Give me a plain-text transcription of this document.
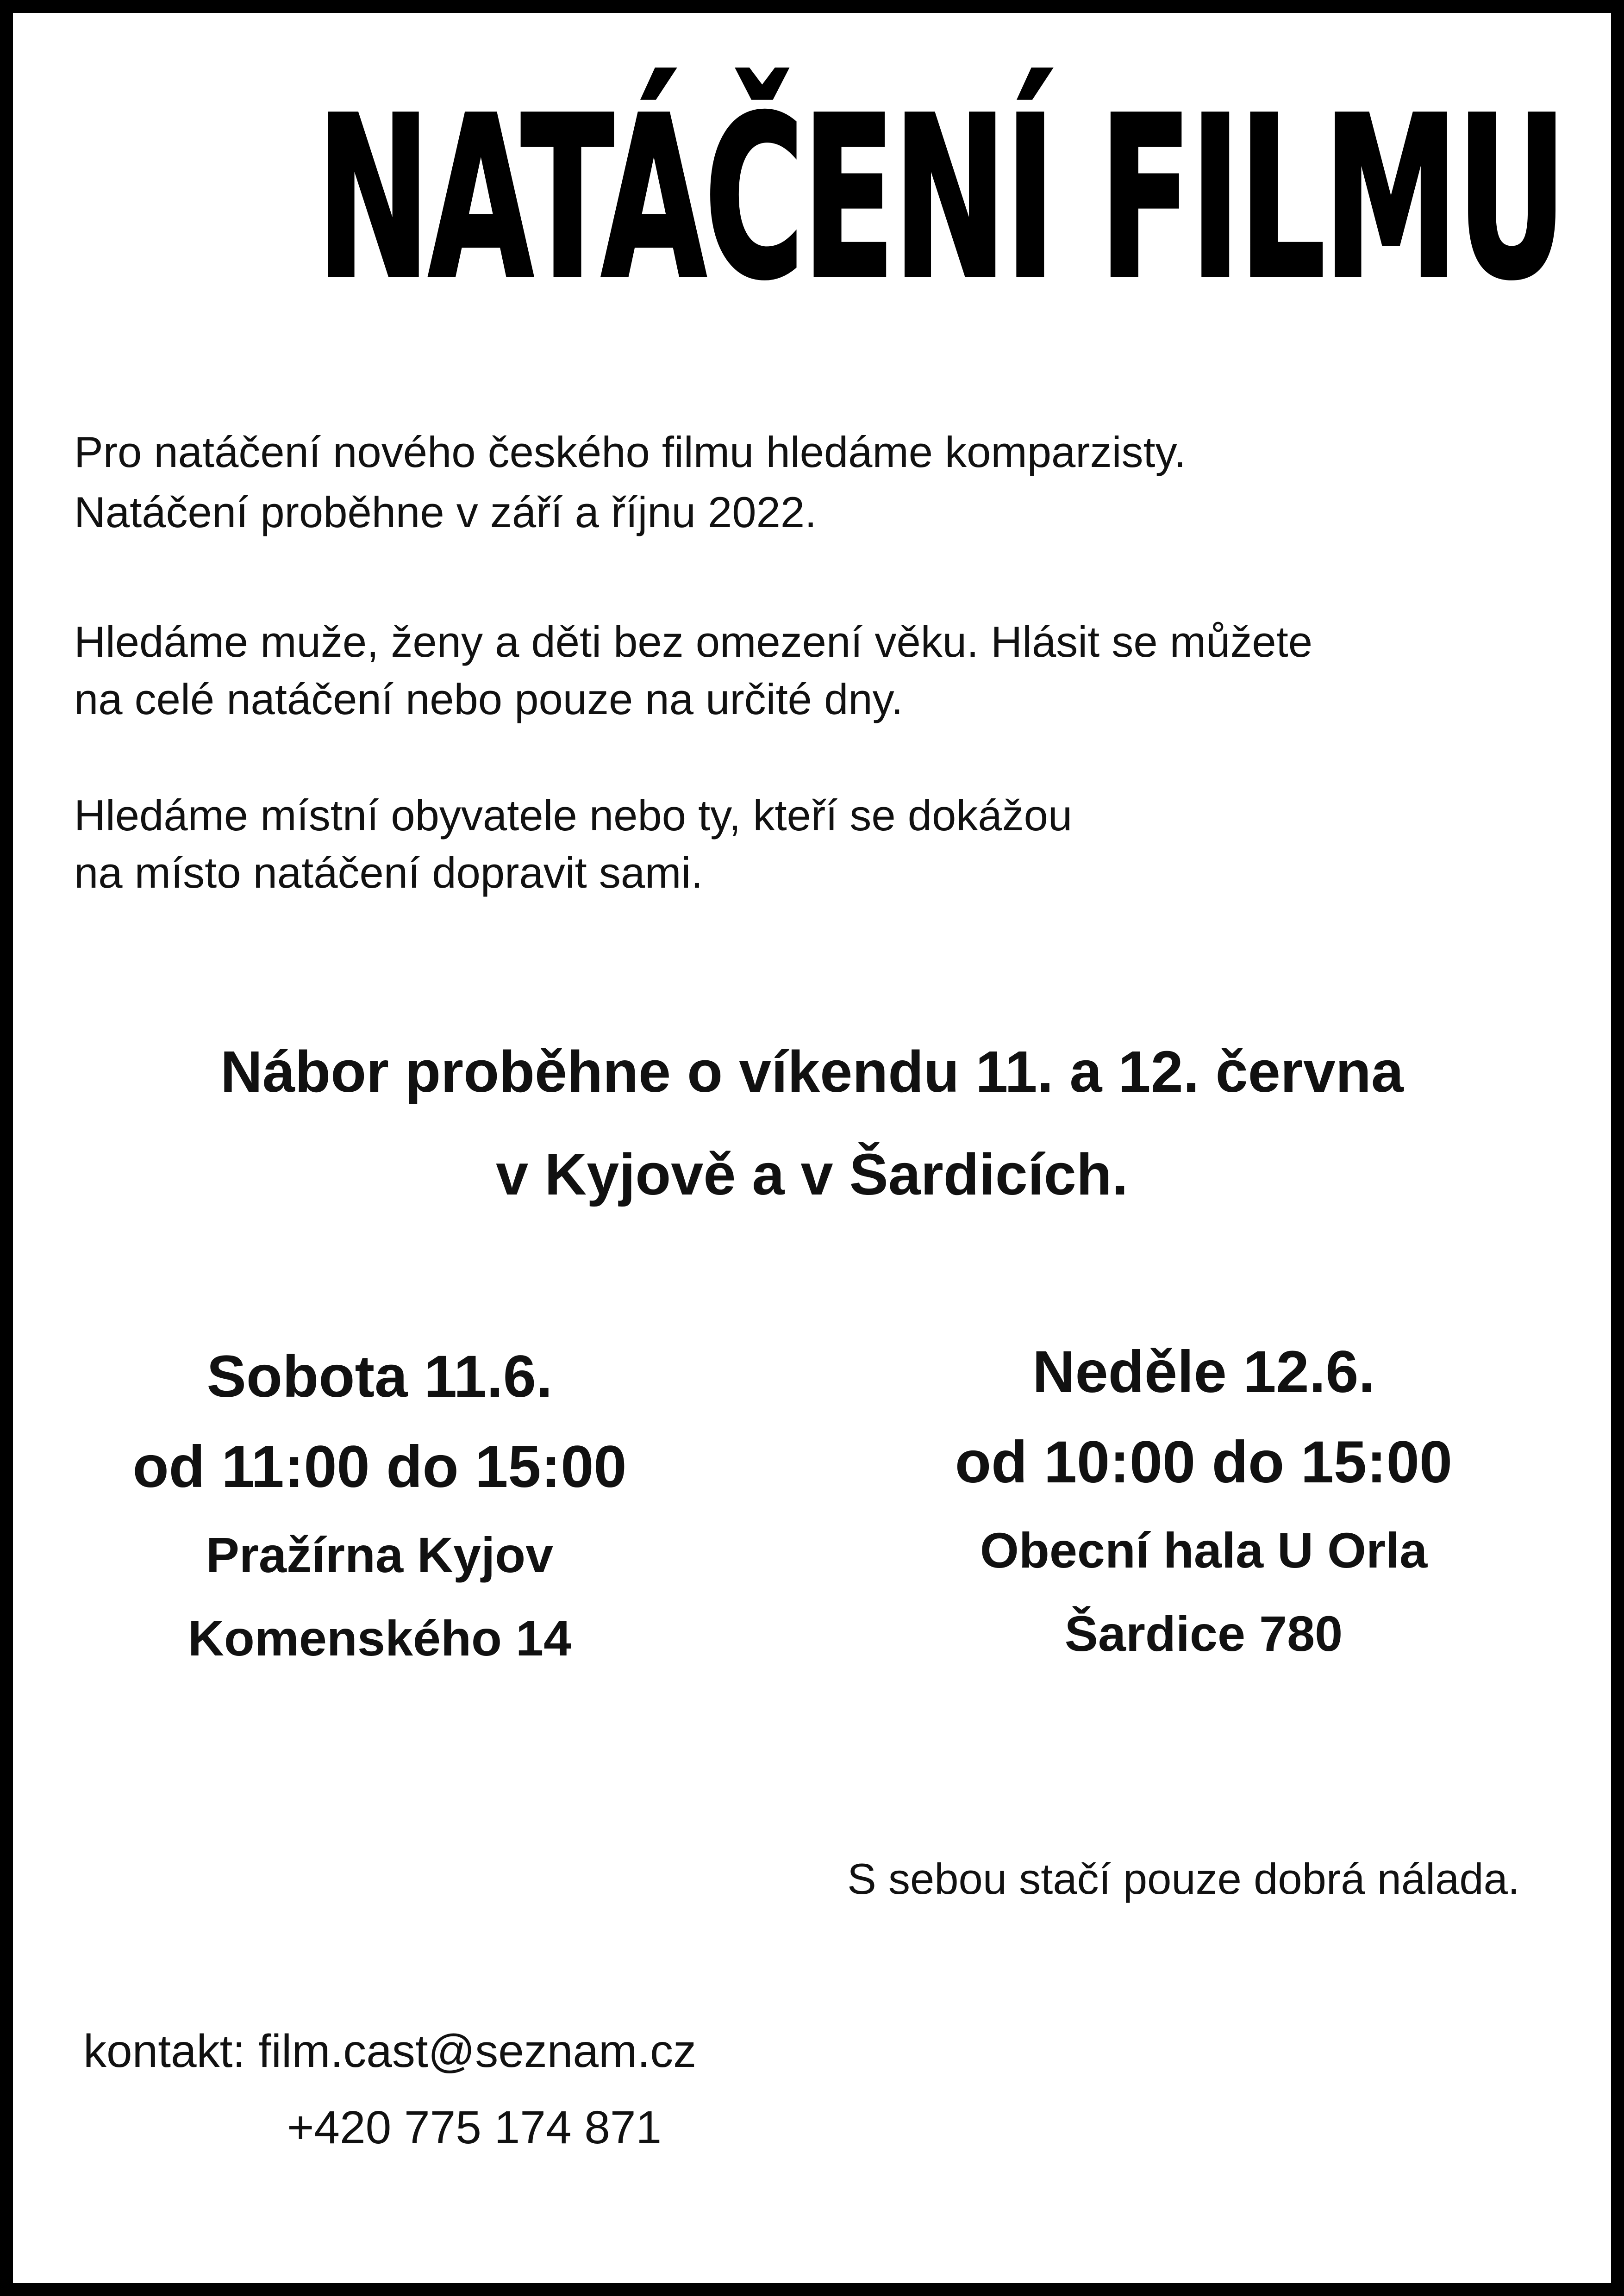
NATÁČENÍ FILMU
Pro natáčení nového českého filmu hledáme komparzisty.
Natáčení proběhne v září a říjnu 2022.
Hledáme muže, ženy a děti bez omezení věku. Hlásit se můžete
na celé natáčení nebo pouze na určité dny.
Hledáme místní obyvatele nebo ty, kteří se dokážou
na místo natáčení dopravit sami.
Nábor proběhne o víkendu 11. a 12. června
v Kyjově a v Šardicích.
Sobota 11.6.
od 11:00 do 15:00
Pražírna Kyjov
Komenského 14
Neděle 12.6.
od 10:00 do 15:00
Obecní hala U Orla
Šardice 780

S sebou stačí pouze dobrá nálada.

kontakt: film.cast@seznam.cz
+420 775 174 871
